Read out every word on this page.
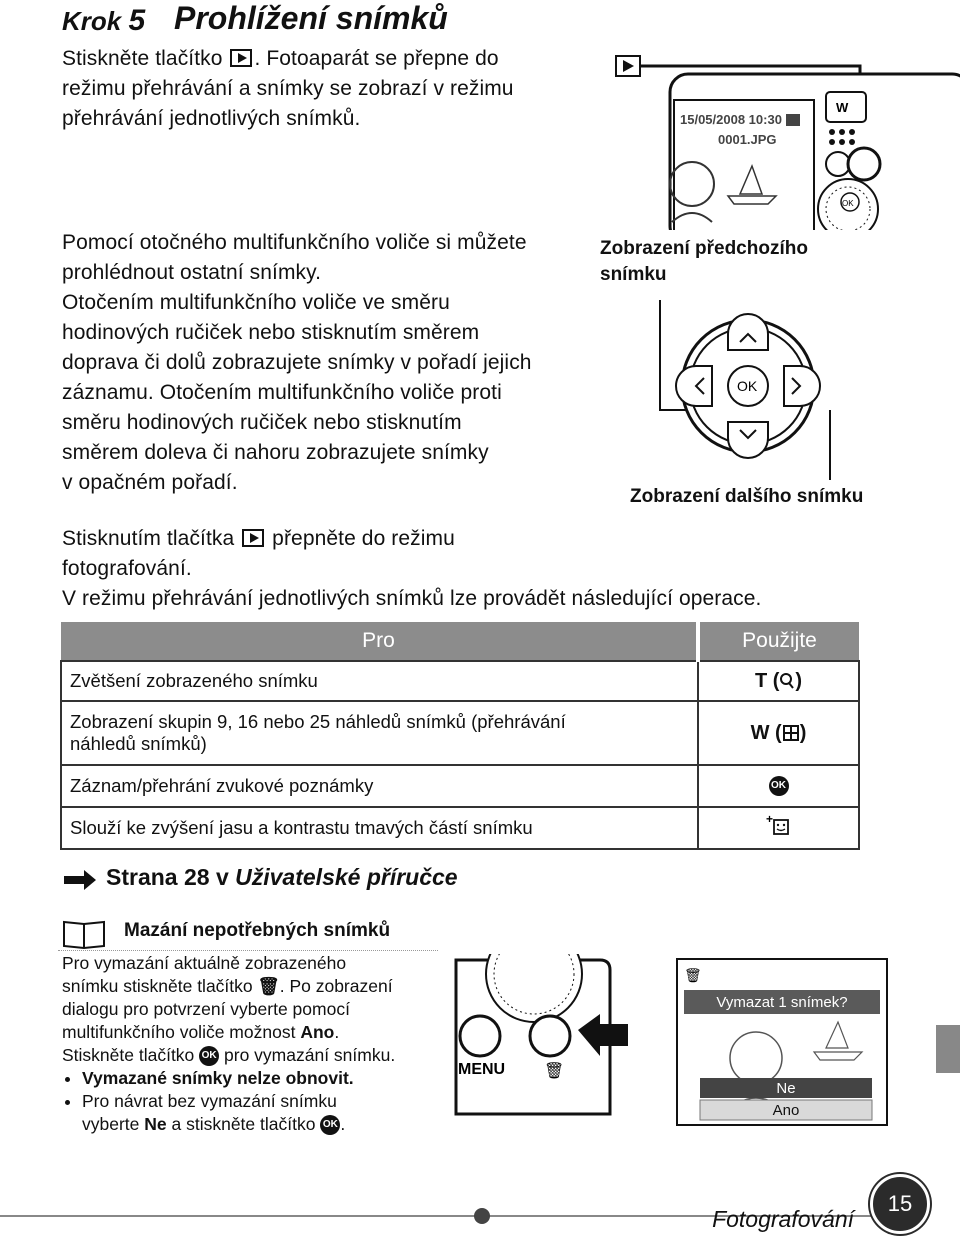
Krok 5 Prohlížení snímků
Stiskněte tlačítko . Fotoaparát se přepne do
režimu přehrávání a snímky se zobrazí v režimu
přehrávání jednotlivých snímků.	15/05/2008 10:30
0001.JPG
W
OK
Pomocí otočného multifunkčního voliče si můžete
prohlédnout ostatní snímky.
Otočením multifunkčního voliče ve směru
hodinových ručiček nebo stisknutím směrem
doprava či dolů zobrazujete snímky v pořadí jejich
záznamu. Otočením multifunkčního voliče proti
směru hodinových ručiček nebo stisknutím
směrem doleva či nahoru zobrazujete snímky
v opačném pořadí.
Zobrazení předchozího
snímku
OK
Zobrazení dalšího snímku
Stisknutím tlačítka  přepněte do režimu
fotografování.
V režimu přehrávání jednotlivých snímků lze provádět následující operace.
Pro	Použijte
Zvětšení zobrazeného snímku	T ( )

Zobrazení skupin 9, 16 nebo 25 náhledů snímků (přehrávání
náhledů snímků)	W ( )
Záznam/přehrání zvukové poznámky	OK
Slouží ke zvýšení jasu a kontrastu tmavých částí snímku	+
Strana 28 v Uživatelské příručce
Mazání nepotřebných snímků
Pro vymazání aktuálně zobrazeného
snímku stiskněte tlačítko 🗑. Po zobrazení
dialogu pro potvrzení vyberte pomocí
multifunkčního voliče možnost Ano.
Stiskněte tlačítko OK pro vymazání snímku.
• Vymazané snímky nelze obnovit.
• Pro návrat bez vymazání snímku
vyberte Ne a stiskněte tlačítko OK .
MENU 🗑
🗑
Vymazat 1 snímek?
Ne
Ano
Fotografování
15
